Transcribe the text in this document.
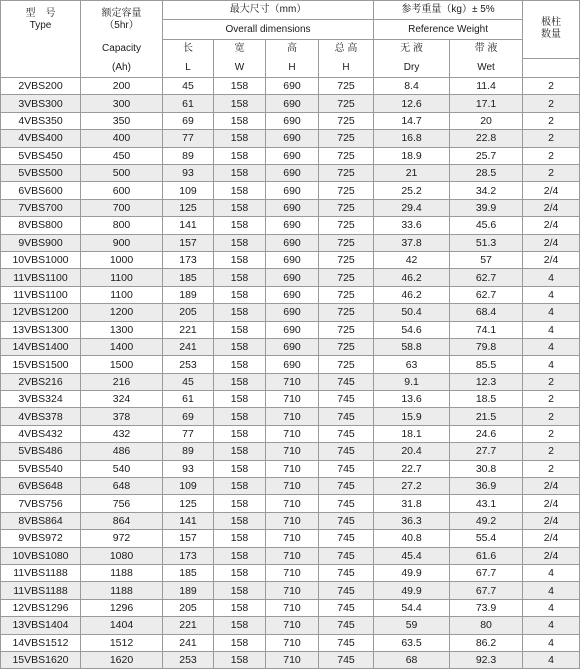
型　号
Type	额定容量
（5hr）	最大尺寸（mm）				参考重量（kg）± 5%		极柱
数量

		Overall dimensions				Reference Weight		
	Capacity	长	宽	高	总 高	无 液	带 液	
	(Ah)	L	W	H	H	Dry	Wet	
2VBS200	200	45	158	690	725	8.4	11.4	2
3VBS300	300	61	158	690	725	12.6	17.1	2
4VBS350	350	69	158	690	725	14.7	20	2
4VBS400	400	77	158	690	725	16.8	22.8	2
5VBS450	450	89	158	690	725	18.9	25.7	2
5VBS500	500	93	158	690	725	21	28.5	2
6VBS600	600	109	158	690	725	25.2	34.2	2/4
7VBS700	700	125	158	690	725	29.4	39.9	2/4
8VBS800	800	141	158	690	725	33.6	45.6	2/4
9VBS900	900	157	158	690	725	37.8	51.3	2/4
10VBS1000	1000	173	158	690	725	42	57	2/4
11VBS1100	1100	185	158	690	725	46.2	62.7	4
11VBS1100	1100	189	158	690	725	46.2	62.7	4
12VBS1200	1200	205	158	690	725	50.4	68.4	4
13VBS1300	1300	221	158	690	725	54.6	74.1	4
14VBS1400	1400	241	158	690	725	58.8	79.8	4
15VBS1500	1500	253	158	690	725	63	85.5	4
2VBS216	216	45	158	710	745	9.1	12.3	2
3VBS324	324	61	158	710	745	13.6	18.5	2
4VBS378	378	69	158	710	745	15.9	21.5	2
4VBS432	432	77	158	710	745	18.1	24.6	2
5VBS486	486	89	158	710	745	20.4	27.7	2
5VBS540	540	93	158	710	745	22.7	30.8	2
6VBS648	648	109	158	710	745	27.2	36.9	2/4
7VBS756	756	125	158	710	745	31.8	43.1	2/4
8VBS864	864	141	158	710	745	36.3	49.2	2/4
9VBS972	972	157	158	710	745	40.8	55.4	2/4
10VBS1080	1080	173	158	710	745	45.4	61.6	2/4
11VBS1188	1188	185	158	710	745	49.9	67.7	4
11VBS1188	1188	189	158	710	745	49.9	67.7	4
12VBS1296	1296	205	158	710	745	54.4	73.9	4
13VBS1404	1404	221	158	710	745	59	80	4
14VBS1512	1512	241	158	710	745	63.5	86.2	4
15VBS1620	1620	253	158	710	745	68	92.3	4
